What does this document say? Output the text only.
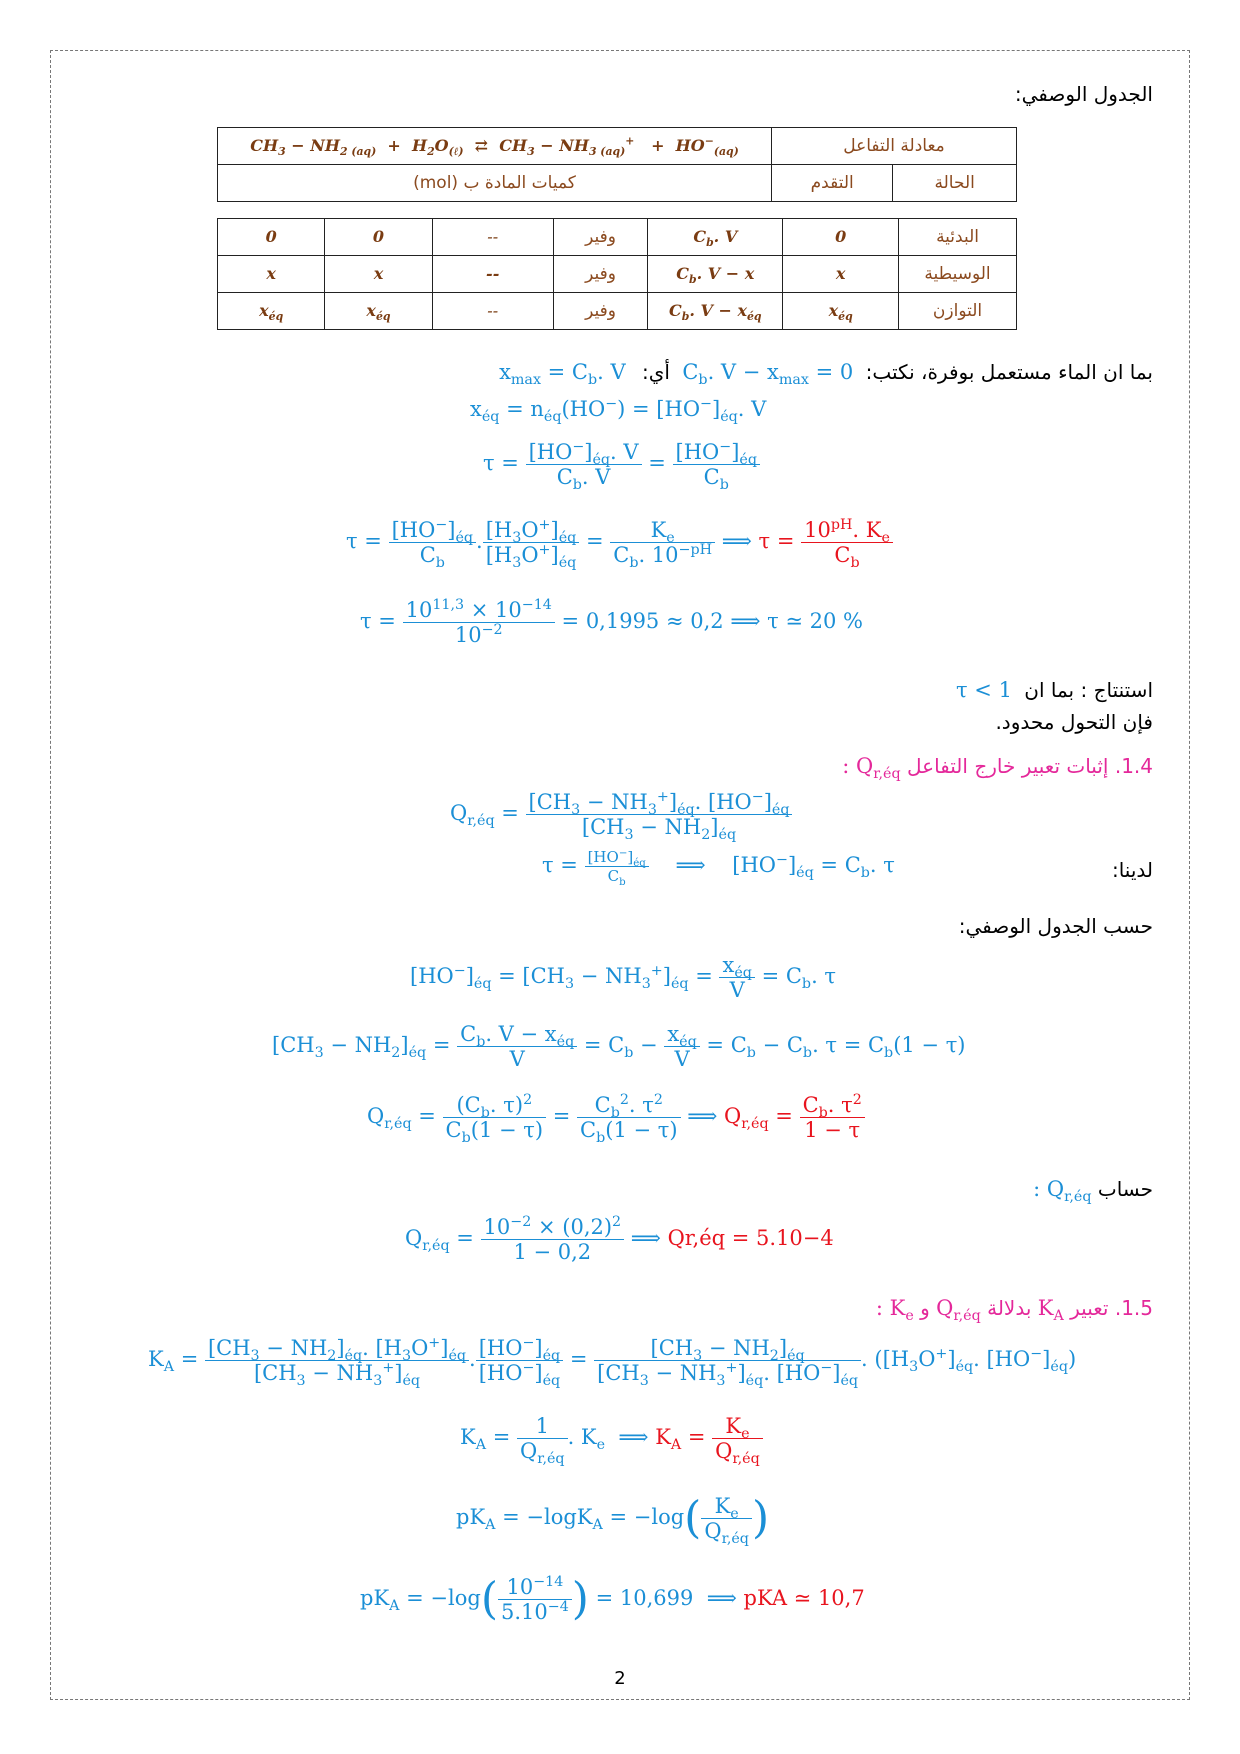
الجدول الوصفي:
$CH_3 - NH_{2 (aq)} + H_2O_{(\ell)}$  ⇄  $CH_3 - NH_{3 (aq)}^+ + HO^-_{(aq)}$	معادلة التفاعل	
كميات المادة ب (mol)	التقدم	الحالة
0	0	--	وفير	$C_b$. V	0	البدئية
x	x	--	وفير	$C_b$. V − x	x	الوسيطية
$x_{éq}$	$x_{éq}$	--	وفير	$C_b$. $V - x_{éq}$	$x_{éq}$	التوازن
بما ان الماء مستعمل بوفرة، نكتب: $C_b$. $V - x_{max} = 0$ أي: $x_{max} = C_b$. V
$x_{éq} = n_{éq}(HO^-) = [HO^-]_{éq}$. V
$\tau = \frac{[HO^-]_{éq}. V}{C_b. V} = \frac{[HO^-]_{éq}}{C_b}$
$\tau = \frac{[HO^-]_{éq}}{C_b}$ . $\frac{[H_3O^+]_{éq}}{[H_3O^+]_{éq}} = \frac{K_e}{C_b. 10^{-pH}}$ ⟹ $\tau = \frac{10^{pH}. K_e}{C_b}$
$\tau = \frac{10^{11,3} \times 10^{-14}}{10^{-2}} = 0,1995 \approx 0,2$ ⟹ τ ≃ 20 %
استنتاج : بما ان τ < 1
فإن التحول محدود.
1.4. إثبات تعبير خارج التفاعل $Q_{r,éq}$ :
$Q_{r,éq} = \frac{[CH_3 - NH_3^+]_{éq}. [HO^-]_{éq}}{[CH_3 - NH_2]_{éq}}$
لدينا:
$\tau = \frac{[HO^-]_{éq}}{C_b}$ ⟹    $[HO^-]_{éq} = C_b$. τ
حسب الجدول الوصفي:
$[HO^-]_{éq} = [CH_3 - NH_3^+]_{éq} = \frac{x_{éq}}{V} = C_b$. τ
$[CH_3 - NH_2]_{éq} = \frac{C_b. V - x_{éq}}{V} = C_b - \frac{x_{éq}}{V} = C_b - C_b$. $\tau = C_b(1 - \tau)$
$Q_{r,éq} = \frac{(C_b. \tau)^2}{C_b(1 - \tau)} = \frac{C_b^2. \tau^2}{C_b(1 - \tau)}$ ⟹ $Q_{r,éq} = \frac{C_b. \tau^2}{1 - \tau}$
حساب $Q_{r,éq}$ :
$Q_{r,éq} = \frac{10^{-2} \times (0,2)^2}{1 - 0,2}$ ⟹ Qr,éq = 5.10−4
1.5. تعبير $K_A$ بدلالة $Q_{r,éq}$ و $K_e$ :
$K_A = \frac{[CH_3 - NH_2]_{éq}. [H_3O^+]_{éq}}{[CH_3 - NH_3^+]_{éq}}$ . $\frac{[HO^-]_{éq}}{[HO^-]_{éq}} = \frac{[CH_3 - NH_2]_{éq}}{[CH_3 - NH_3^+]_{éq}. [HO^-]_{éq}}$ . ($[H_3O^+]_{éq}$. $[HO^-]_{éq}$)
$K_A = \frac{1}{Q_{r,éq}}$ . $K_e$  ⟹ $K_A = \frac{K_e}{Q_{r,éq}}$
$pK_A = -\log K_A = -\log( \frac{K_e}{Q_{r,éq}}$ )
$pK_A = -\log( \frac{10^{-14}}{5.10^{-4}}$ ) = 10,699  ⟹ pKA ≃ 10,7
2
